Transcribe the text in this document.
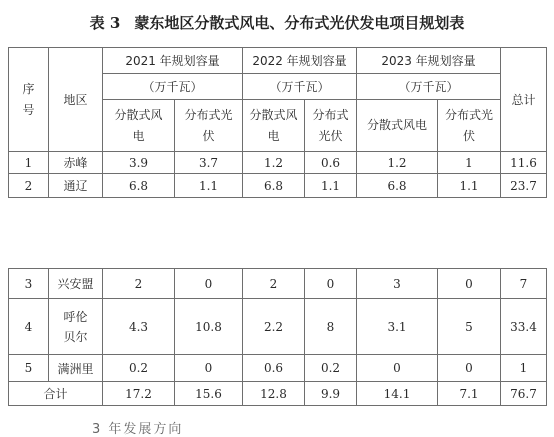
表 3 蒙东地区分散式风电、分布式光伏发电项目规划表
序号	地区	2021 年规划容量		2022 年规划容量		2023 年规划容量		总计
		（万千瓦）		（万千瓦）		（万千瓦）		
		分散式风电	分布式光伏	分散式风电	分布式光伏	分散式风电	分布式光伏	
1	赤峰	3.9	3.7	1.2	0.6	1.2	1	11.6
2	通辽	6.8	1.1	6.8	1.1	6.8	1.1	23.7
3	兴安盟	2	0	2	0	3	0	7
4	呼伦贝尔	4.3	10.8	2.2	8	3.1	5	33.4
5	满洲里	0.2	0	0.6	0.2	0	0	1
合计		17.2	15.6	12.8	9.9	14.1	7.1	76.7
3 年发展方向
